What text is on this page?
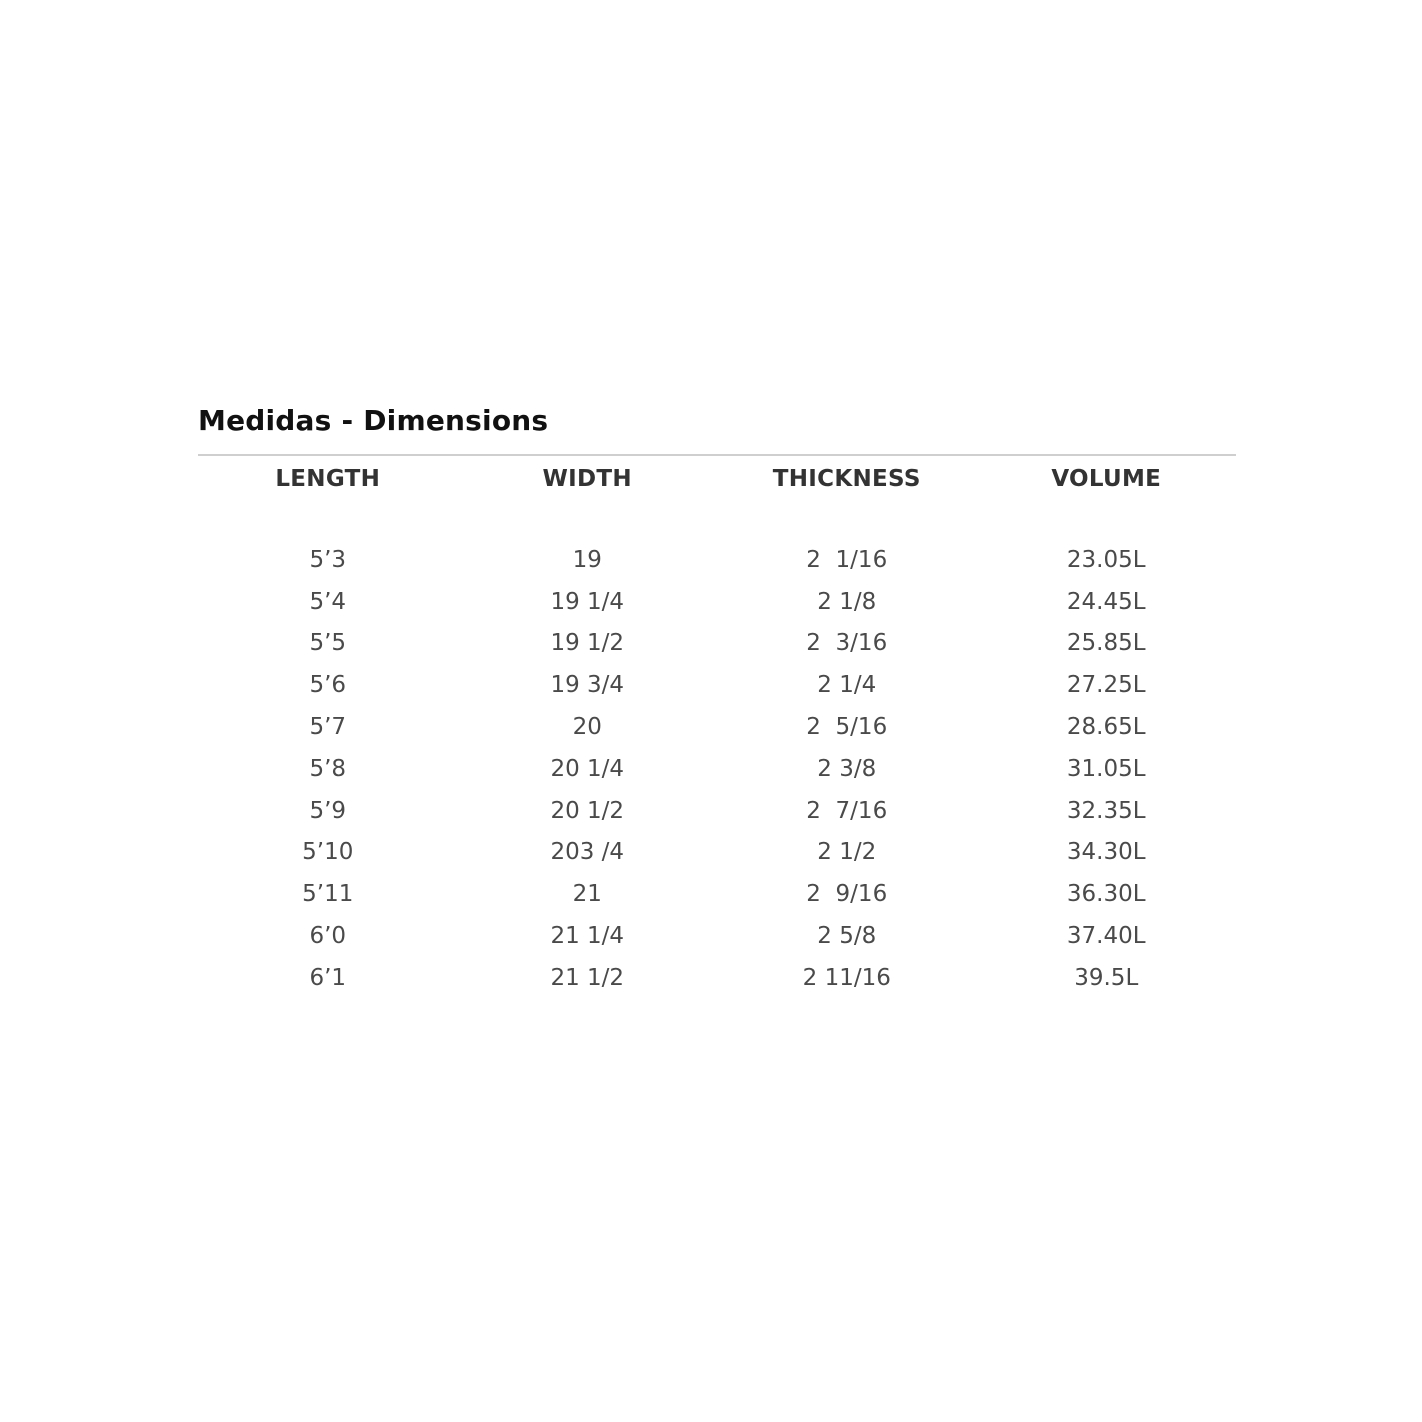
Medidas - Dimensions
LENGTH	WIDTH	THICKNESS	VOLUME

5’3	19	2  1/16	23.05L
5’4	19 1/4	2 1/8	24.45L
5’5	19 1/2	2  3/16	25.85L
5’6	19 3/4	2 1/4	27.25L
5’7	20	2  5/16	28.65L
5’8	20 1/4	2 3/8	31.05L
5’9	20 1/2	2  7/16	32.35L
5’10	203 /4	2 1/2	34.30L
5’11	21	2  9/16	36.30L
6’0	21 1/4	2 5/8	37.40L
6’1	21 1/2	2 11/16	39.5L
